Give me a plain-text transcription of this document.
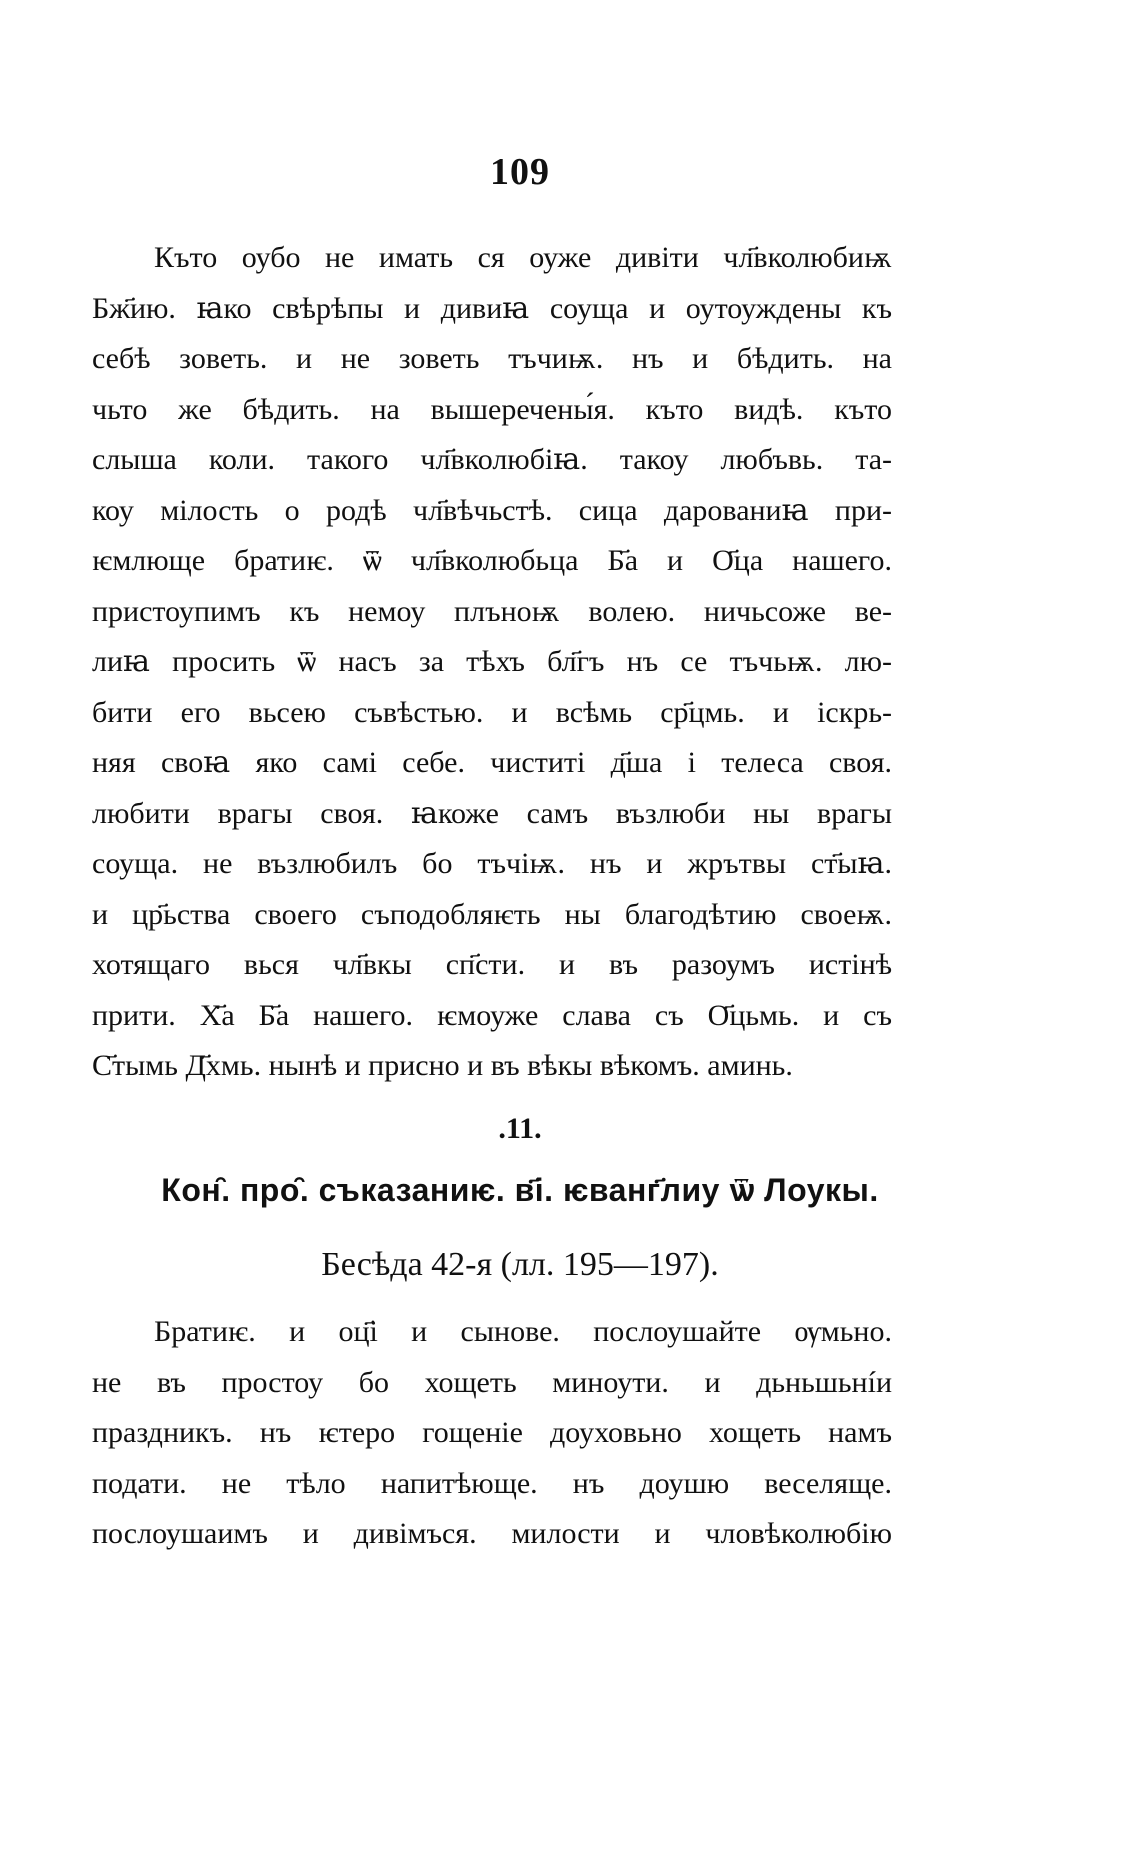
109
Къто оубо не имать ся оуже дивіти чл҃вколюбиѭ
Бж҃ию. ꙗко свѣрѣпы и дивиꙗ соуща и оутоуждены къ
себѣ зоветь. и не зоветь тъчиѭ. нъ и бѣдить. на
чьто же бѣдить. на вышеречены́я. къто видѣ. къто
слыша коли. такого чл҃вколюбіꙗ. такоу любъвь. та-
коу мілость о родѣ чл҃вѣчьстѣ. сица дарованиꙗ при-
ѥмлюще братиѥ. ѿ чл҃вколюбьца Б҃а и О҃ца нашего.
пристоупимъ къ немоу плъноѭ волею. ничьсоже ве-
лиꙗ просить ѿ насъ за тѣхъ бл҃гъ нъ се тъчьѭ. лю-
бити его вьсею съвѣстью. и всѣмь ср҃цмь. и іскрь-
няя своꙗ яко самі себе. чиститі д҃ша і телеса своя.
любити врагы своя. ꙗкоже самъ възлюби ны врагы
соуща. не възлюбилъ бо тъчіѭ. нъ и жрътвы ст҃ыꙗ.
и цр҃ьства своего съподобляѥть ны благодѣтию своеѭ.
хотящаго вься чл҃вкы сп҃сти. и въ разоумъ истінѣ
прити. Х҃а Б҃а нашего. ѥмоуже слава съ О҃цьмь. и съ
С҃тымь Д҃хмь. нынѣ и присно и въ вѣкы вѣкомъ. аминь.
.11.
Кон̑. про̑. съказаниѥ. в҃і. ѥванг҃лиу ѿ Лоукы.
Бесѣда 42-я (лл. 195—197).
Братиѥ. и оц҃і и сынове. послоушайте ѹмьно.
не въ простоу бо хощеть миноути. и дьньшьнíи
праздникъ. нъ ѥтеро гощеніе доуховьно хощеть намъ
подати. не тѣло напитѣюще. нъ доушю веселяще.
послоушаимъ и дивімъся. милости и чловѣколюбію
